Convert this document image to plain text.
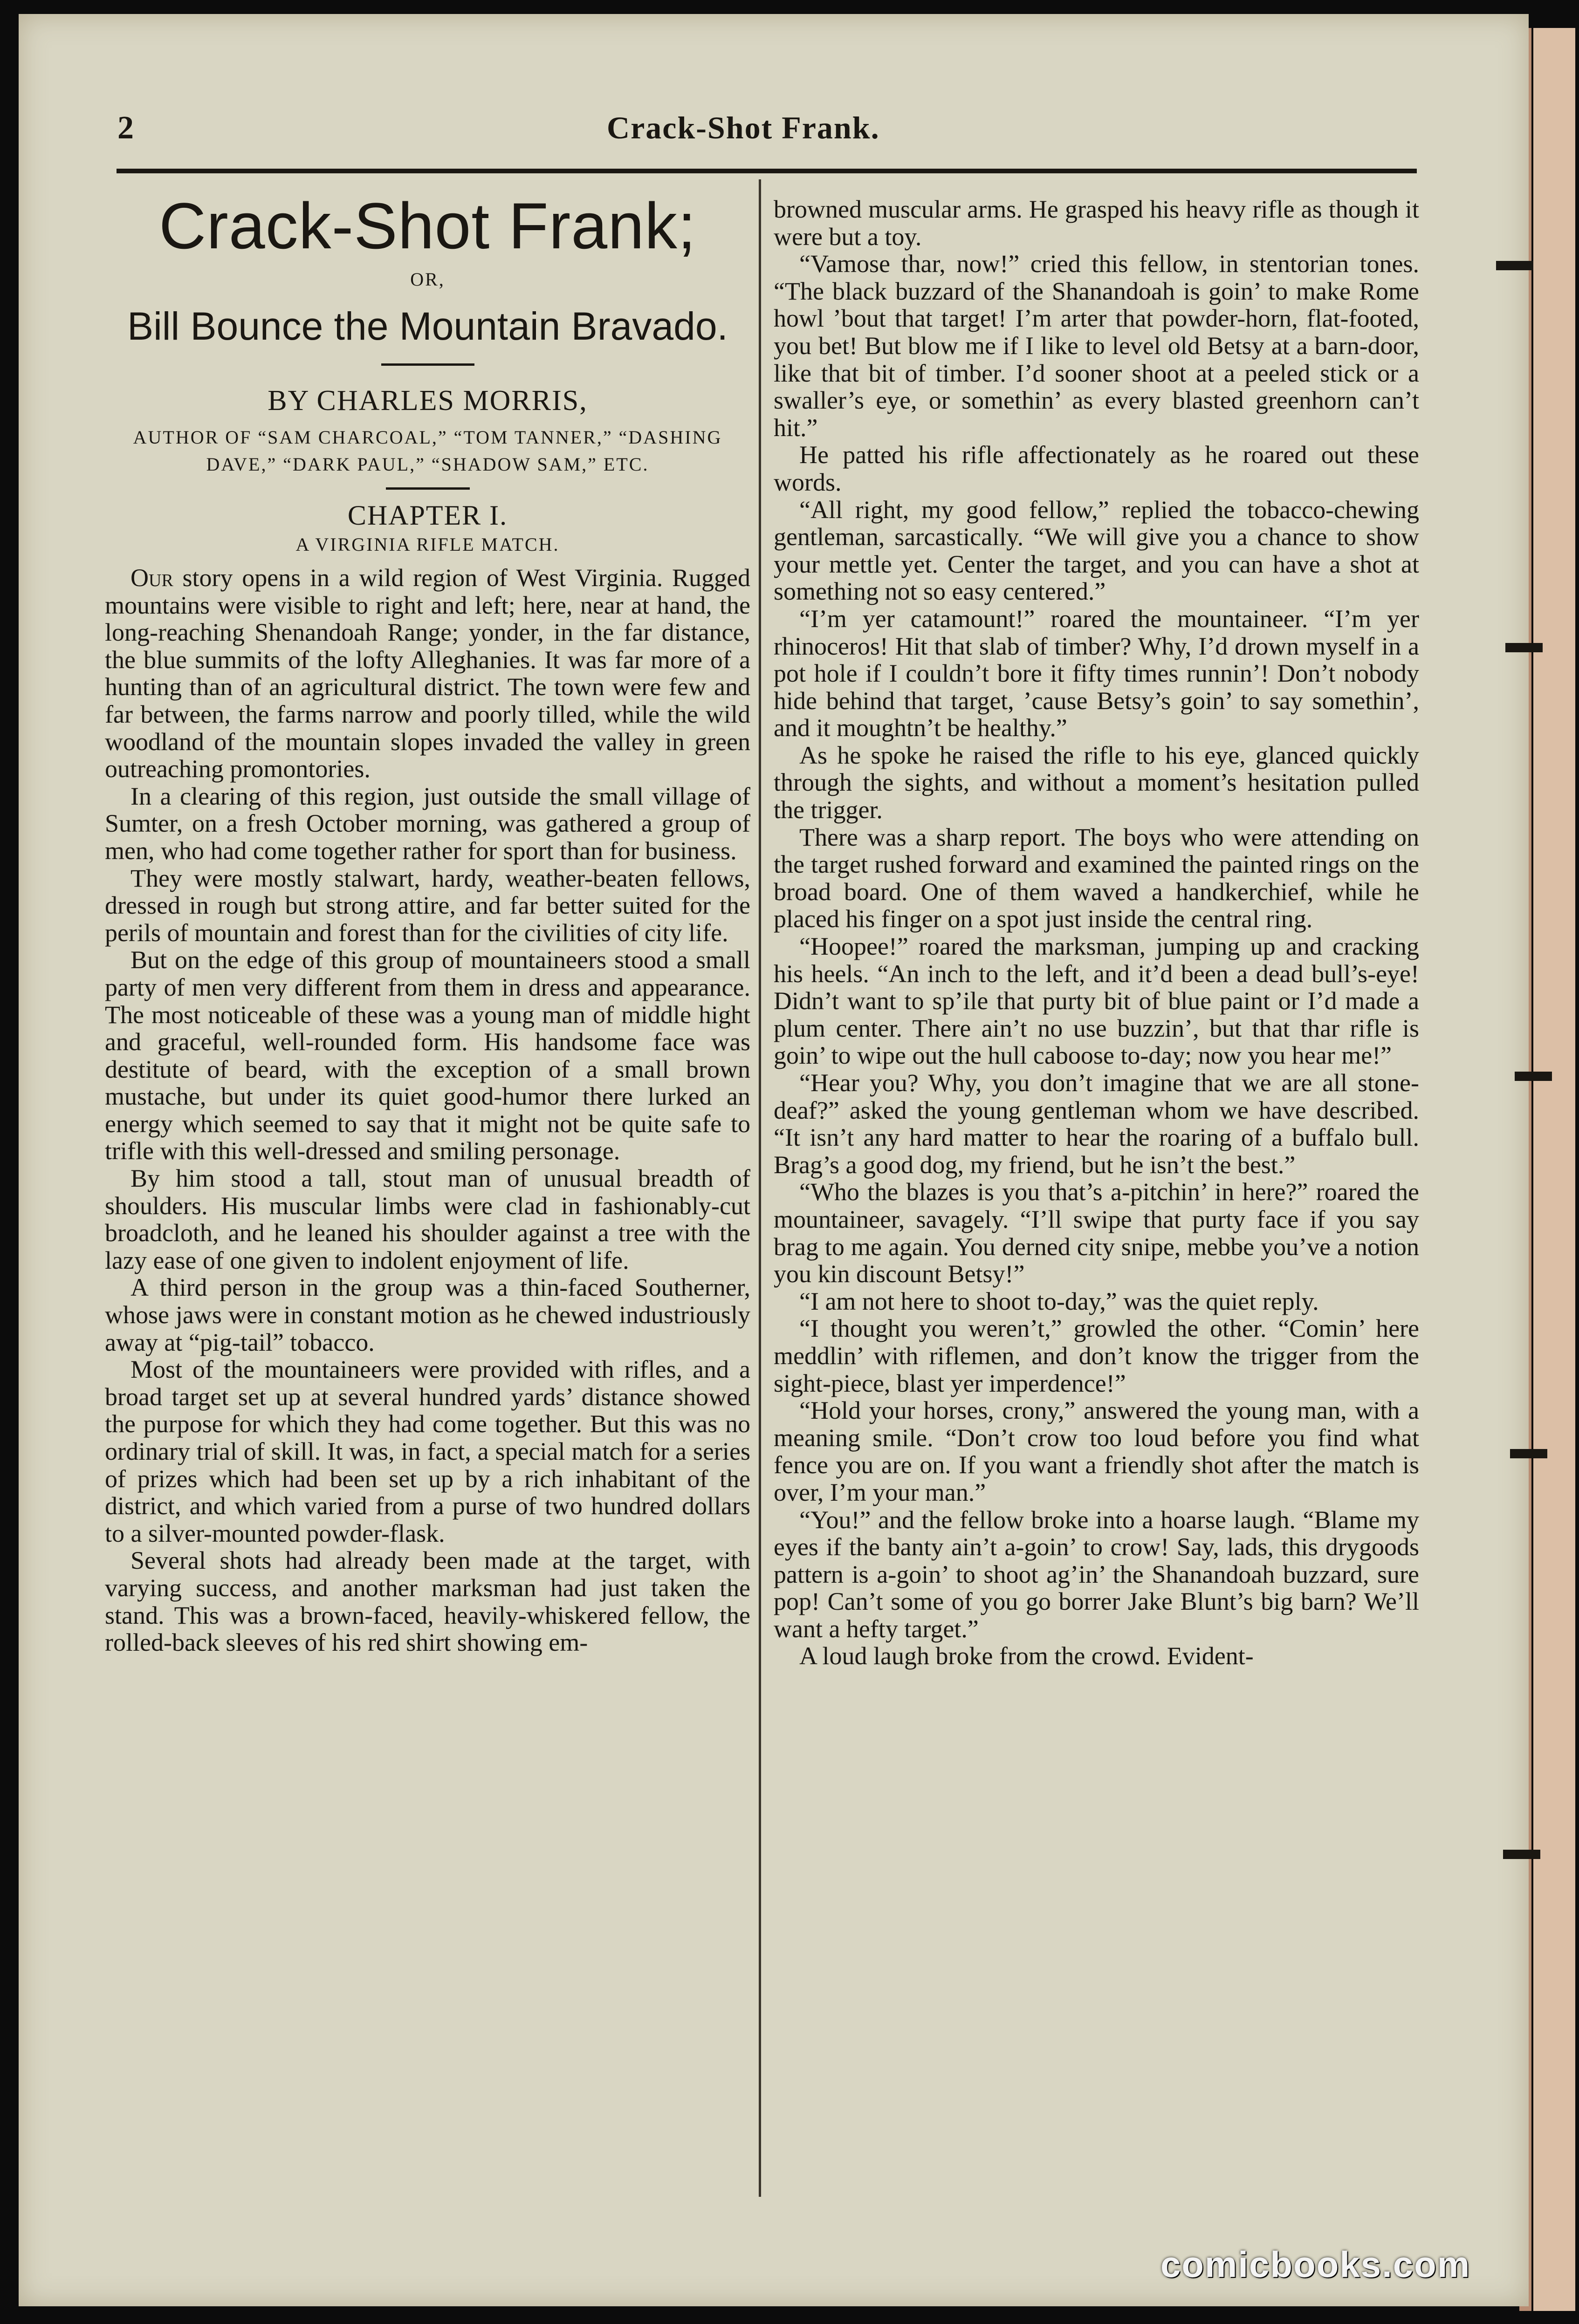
2	Crack-Shot Frank.
Crack-Shot Frank;
OR,
Bill Bounce the Mountain Bravado.
BY CHARLES MORRIS,
AUTHOR OF “SAM CHARCOAL,” “TOM TANNER,” “DASHING DAVE,” “DARK PAUL,” “SHADOW SAM,” ETC.
CHAPTER I.
A VIRGINIA RIFLE MATCH.

Our story opens in a wild region of West Virginia. Rugged mountains were visible to right and left; here, near at hand, the long-reaching Shenandoah Range; yonder, in the far distance, the blue summits of the lofty Alleghanies. It was far more of a hunting than of an agricultural district. The town were few and far between, the farms narrow and poorly tilled, while the wild woodland of the mountain slopes invaded the valley in green outreaching promontories.

In a clearing of this region, just outside the small village of Sumter, on a fresh October morning, was gathered a group of men, who had come together rather for sport than for business.

They were mostly stalwart, hardy, weather-beaten fellows, dressed in rough but strong attire, and far better suited for the perils of mountain and forest than for the civilities of city life.

But on the edge of this group of mountaineers stood a small party of men very different from them in dress and appearance. The most noticeable of these was a young man of middle hight and graceful, well-rounded form. His handsome face was destitute of beard, with the exception of a small brown mustache, but under its quiet good-humor there lurked an energy which seemed to say that it might not be quite safe to trifle with this well-dressed and smiling personage.

By him stood a tall, stout man of unusual breadth of shoulders. His muscular limbs were clad in fashionably-cut broadcloth, and he leaned his shoulder against a tree with the lazy ease of one given to indolent enjoyment of life.

A third person in the group was a thin-faced Southerner, whose jaws were in constant motion as he chewed industriously away at “pig-tail” tobacco.

Most of the mountaineers were provided with rifles, and a broad target set up at several hundred yards’ distance showed the purpose for which they had come together. But this was no ordinary trial of skill. It was, in fact, a special match for a series of prizes which had been set up by a rich inhabitant of the district, and which varied from a purse of two hundred dollars to a silver-mounted powder-flask.

Several shots had already been made at the target, with varying success, and another marksman had just taken the stand. This was a brown-faced, heavily-whiskered fellow, the rolled-back sleeves of his red shirt showing em-

browned muscular arms. He grasped his heavy rifle as though it were but a toy.

“Vamose thar, now!” cried this fellow, in stentorian tones. “The black buzzard of the Shanandoah is goin’ to make Rome howl ’bout that target! I’m arter that powder-horn, flat-footed, you bet! But blow me if I like to level old Betsy at a barn-door, like that bit of timber. I’d sooner shoot at a peeled stick or a swaller’s eye, or somethin’ as every blasted greenhorn can’t hit.”

He patted his rifle affectionately as he roared out these words.

“All right, my good fellow,” replied the tobacco-chewing gentleman, sarcastically. “We will give you a chance to show your mettle yet. Center the target, and you can have a shot at something not so easy centered.”

“I’m yer catamount!” roared the mountaineer. “I’m yer rhinoceros! Hit that slab of timber? Why, I’d drown myself in a pot hole if I couldn’t bore it fifty times runnin’! Don’t nobody hide behind that target, ’cause Betsy’s goin’ to say somethin’, and it moughtn’t be healthy.”

As he spoke he raised the rifle to his eye, glanced quickly through the sights, and without a moment’s hesitation pulled the trigger.

There was a sharp report. The boys who were attending on the target rushed forward and examined the painted rings on the broad board. One of them waved a handkerchief, while he placed his finger on a spot just inside the central ring.

“Hoopee!” roared the marksman, jumping up and cracking his heels. “An inch to the left, and it’d been a dead bull’s-eye! Didn’t want to sp’ile that purty bit of blue paint or I’d made a plum center. There ain’t no use buzzin’, but that thar rifle is goin’ to wipe out the hull caboose to-day; now you hear me!”

“Hear you? Why, you don’t imagine that we are all stone-deaf?” asked the young gentleman whom we have described. “It isn’t any hard matter to hear the roaring of a buffalo bull. Brag’s a good dog, my friend, but he isn’t the best.”

“Who the blazes is you that’s a-pitchin’ in here?” roared the mountaineer, savagely. “I’ll swipe that purty face if you say brag to me again. You derned city snipe, mebbe you’ve a notion you kin discount Betsy!”

“I am not here to shoot to-day,” was the quiet reply.

“I thought you weren’t,” growled the other. “Comin’ here meddlin’ with riflemen, and don’t know the trigger from the sight-piece, blast yer imperdence!”

“Hold your horses, crony,” answered the young man, with a meaning smile. “Don’t crow too loud before you find what fence you are on. If you want a friendly shot after the match is over, I’m your man.”

“You!” and the fellow broke into a hoarse laugh. “Blame my eyes if the banty ain’t a-goin’ to crow! Say, lads, this drygoods pattern is a-goin’ to shoot ag’in’ the Shanandoah buzzard, sure pop! Can’t some of you go borrer Jake Blunt’s big barn? We’ll want a hefty target.”

A loud laugh broke from the crowd. Evident-

comicbooks.com
